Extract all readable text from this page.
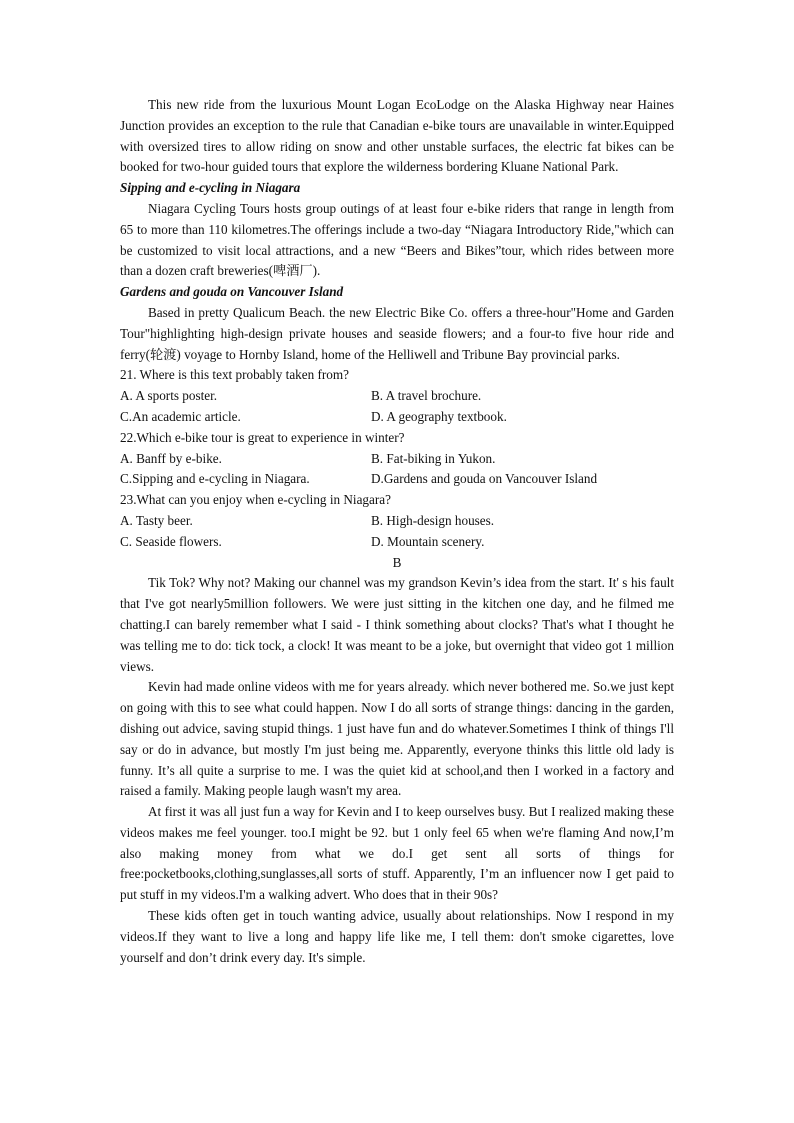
This new ride from the luxurious Mount Logan EcoLodge on the Alaska Highway near Haines Junction provides an exception to the rule that Canadian e-bike tours are unavailable in winter.Equipped with oversized tires to allow riding on snow and other unstable surfaces, the electric fat bikes can be booked for two-hour guided tours that explore the wilderness bordering Kluane National Park.

Sipping and e-cycling in Niagara

Niagara Cycling Tours hosts group outings of at least four e-bike riders that range in length from 65 to more than 110 kilometres.The offerings include a two-day “Niagara Introductory Ride,"which can be customized to visit local attractions, and a new “Beers and Bikes”tour, which rides between more than a dozen craft breweries(啤酒厂).

Gardens and gouda on Vancouver Island

Based in pretty Qualicum Beach. the new Electric Bike Co. offers a three-hour"Home and Garden Tour"highlighting high-design private houses and seaside flowers; and a four-to five hour ride and ferry(轮渡) voyage to Hornby Island, home of the Helliwell and Tribune Bay provincial parks.

21. Where is this text probably taken from?

A. A sports poster.	B. A travel brochure.
C.An academic article.	D. A geography textbook.

22.Which e-bike tour is great to experience in winter?

A. Banff by e-bike.	B. Fat-biking in Yukon.
C.Sipping and e-cycling in Niagara.	D.Gardens and gouda on Vancouver Island

23.What can you enjoy when e-cycling in Niagara?

A. Tasty beer.	B. High-design houses.
C. Seaside flowers.	D. Mountain scenery.

B

Tik Tok? Why not? Making our channel was my grandson Kevin’s idea from the start. It' s his fault that I've got nearly5million followers. We were just sitting in the kitchen one day, and he filmed me chatting.I can barely remember what I said - I think something about clocks? That's what I thought he was telling me to do: tick tock, a clock! It was meant to be a joke, but overnight that video got 1 million views.

Kevin had made online videos with me for years already. which never bothered me. So.we just kept on going with this to see what could happen. Now I do all sorts of strange things: dancing in the garden, dishing out advice, saving stupid things. 1 just have fun and do whatever.Sometimes I think of things I'll say or do in advance, but mostly I'm just being me. Apparently, everyone thinks this little old lady is funny. It’s all quite a surprise to me. I was the quiet kid at school,and then I worked in a factory and raised a family. Making people laugh wasn't my area.

At first it was all just fun a way for Kevin and I to keep ourselves busy. But I realized making these videos makes me feel younger. too.I might be 92. but 1 only feel 65 when we're flaming And now,I’m also making money from what we do.I get sent all sorts of things for free:pocketbooks,clothing,sunglasses,all sorts of stuff. Apparently, I’m an influencer now I get paid to put stuff in my videos.I'm a walking advert. Who does that in their 90s?

These kids often get in touch wanting advice, usually about relationships. Now I respond in my videos.If they want to live a long and happy life like me, I tell them: don't smoke cigarettes, love yourself and don’t drink every day. It's simple.
